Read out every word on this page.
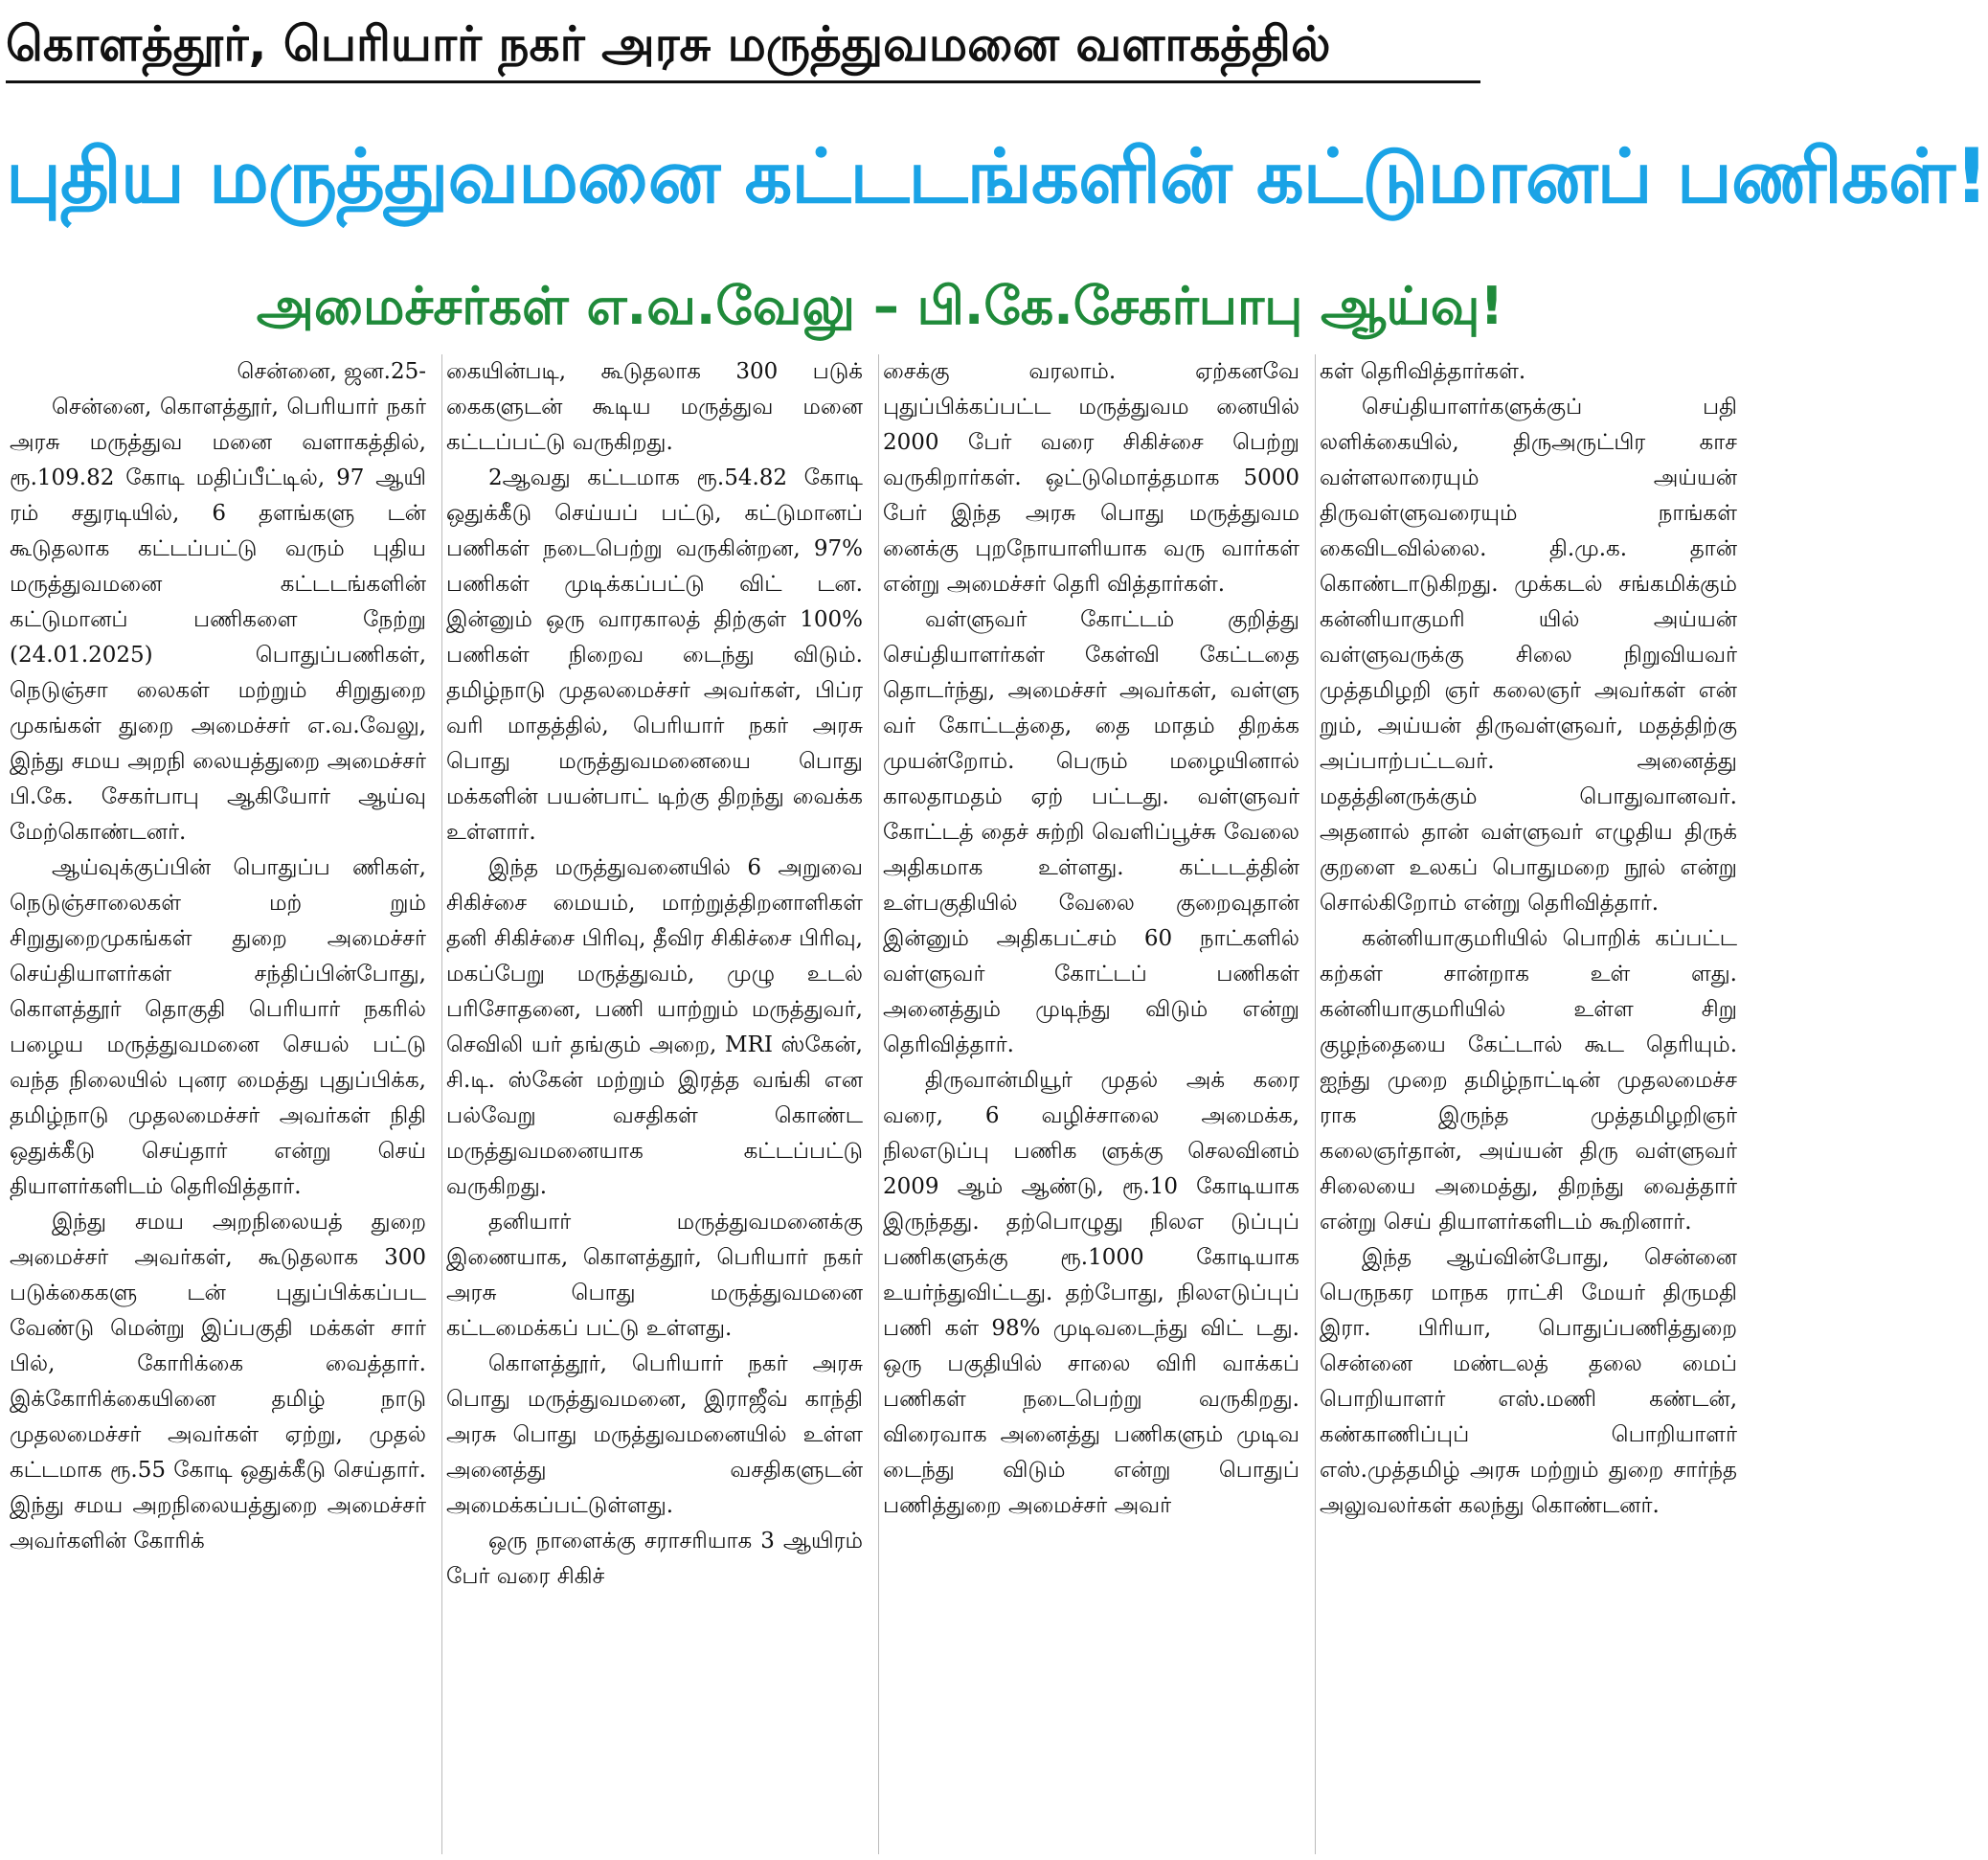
கொளத்தூர், பெரியார் நகர் அரசு மருத்துவமனை வளாகத்தில்
புதிய மருத்துவமனை கட்டடங்களின் கட்டுமானப் பணிகள்!
அமைச்சர்கள் எ.வ.வேலு – பி.கே.சேகர்பாபு ஆய்வு!

சென்னை, ஜன.25-

சென்னை, கொளத்தூர், பெரியார் நகர் அரசு மருத்துவ மனை வளாகத்தில், ரூ.109.82 கோடி மதிப்பீட்டில், 97 ஆயி ரம் சதுரடியில், 6 தளங்களு டன் கூடுதலாக கட்டப்பட்டு வரும் புதிய மருத்துவமனை கட்டடங்களின் கட்டுமானப் பணிகளை நேற்று (24.01.2025) பொதுப்பணிகள், நெடுஞ்சா லைகள் மற்றும் சிறுதுறை முகங்கள் துறை அமைச்சர் எ.வ.வேலு, இந்து சமய அறநி லையத்துறை அமைச்சர் பி.கே. சேகர்பாபு ஆகியோர் ஆய்வு மேற்கொண்டனர்.

ஆய்வுக்குப்பின் பொதுப்ப ணிகள், நெடுஞ்சாலைகள் மற் றும் சிறுதுறைமுகங்கள் துறை அமைச்சர் செய்தியாளர்கள் சந்திப்பின்போது, கொளத்தூர் தொகுதி பெரியார் நகரில் பழைய மருத்துவமனை செயல் பட்டு வந்த நிலையில் புனர மைத்து புதுப்பிக்க, தமிழ்நாடு முதலமைச்சர் அவர்கள் நிதி ஒதுக்கீடு செய்தார் என்று செய் தியாளர்களிடம் தெரிவித்தார்.

இந்து சமய அறநிலையத் துறை அமைச்சர் அவர்கள், கூடுதலாக 300 படுக்கைகளு டன் புதுப்பிக்கப்பட வேண்டு மென்று இப்பகுதி மக்கள் சார் பில், கோரிக்கை வைத்தார். இக்கோரிக்கையினை தமிழ் நாடு முதலமைச்சர் அவர்கள் ஏற்று, முதல் கட்டமாக ரூ.55 கோடி ஒதுக்கீடு செய்தார். இந்து சமய அறநிலையத்துறை அமைச்சர் அவர்களின் கோரிக்

கையின்படி, கூடுதலாக 300 படுக் கைகளுடன் கூடிய மருத்துவ மனை கட்டப்பட்டு வருகிறது.

2ஆவது கட்டமாக ரூ.54.82 கோடி ஒதுக்கீடு செய்யப் பட்டு, கட்டுமானப் பணிகள் நடைபெற்று வருகின்றன, 97% பணிகள் முடிக்கப்பட்டு விட் டன. இன்னும் ஒரு வாரகாலத் திற்குள் 100% பணிகள் நிறைவ டைந்து விடும். தமிழ்நாடு முதலமைச்சர் அவர்கள், பிப்ர வரி மாதத்தில், பெரியார் நகர் அரசு பொது மருத்துவமனையை பொது மக்களின் பயன்பாட் டிற்கு திறந்து வைக்க உள்ளார்.

இந்த மருத்துவனையில் 6 அறுவை சிகிச்சை மையம், மாற்றுத்திறனாளிகள் தனி சிகிச்சை பிரிவு, தீவிர சிகிச்சை பிரிவு, மகப்பேறு மருத்துவம், முழு உடல் பரிசோதனை, பணி யாற்றும் மருத்துவர், செவிலி யர் தங்கும் அறை, MRI ஸ்கேன், சி.டி. ஸ்கேன் மற்றும் இரத்த வங்கி என பல்வேறு வசதிகள் கொண்ட மருத்துவமனையாக கட்டப்பட்டு வருகிறது.

தனியார் மருத்துவமனைக்கு இணையாக, கொளத்தூர், பெரியார் நகர் அரசு பொது மருத்துவமனை கட்டமைக்கப் பட்டு உள்ளது.

கொளத்தூர், பெரியார் நகர் அரசு பொது மருத்துவமனை, இராஜீவ் காந்தி அரசு பொது மருத்துவமனையில் உள்ள அனைத்து வசதிகளுடன் அமைக்கப்பட்டுள்ளது.

ஒரு நாளைக்கு சராசரியாக 3 ஆயிரம் பேர் வரை சிகிச்

சைக்கு வரலாம். ஏற்கனவே புதுப்பிக்கப்பட்ட மருத்துவம னையில் 2000 பேர் வரை சிகிச்சை பெற்று வருகிறார்கள். ஒட்டுமொத்தமாக 5000 பேர் இந்த அரசு பொது மருத்துவம னைக்கு புறநோயாளியாக வரு வார்கள் என்று அமைச்சர் தெரி வித்தார்கள்.

வள்ளுவர் கோட்டம் குறித்து செய்தியாளர்கள் கேள்வி கேட்டதை தொடர்ந்து, அமைச்சர் அவர்கள், வள்ளு வர் கோட்டத்தை, தை மாதம் திறக்க முயன்றோம். பெரும் மழையினால் காலதாமதம் ஏற் பட்டது. வள்ளுவர் கோட்டத் தைச் சுற்றி வெளிப்பூச்சு வேலை அதிகமாக உள்ளது. கட்டடத்தின் உள்பகுதியில் வேலை குறைவுதான் இன்னும் அதிகபட்சம் 60 நாட்களில் வள்ளுவர் கோட்டப் பணிகள் அனைத்தும் முடிந்து விடும் என்று தெரிவித்தார்.

திருவான்மியூர் முதல் அக் கரை வரை, 6 வழிச்சாலை அமைக்க, நிலஎடுப்பு பணிக ளுக்கு செலவினம் 2009 ஆம் ஆண்டு, ரூ.10 கோடியாக இருந்தது. தற்பொழுது நிலஎ டுப்புப் பணிகளுக்கு ரூ.1000 கோடியாக உயர்ந்துவிட்டது. தற்போது, நிலஎடுப்புப் பணி கள் 98% முடிவடைந்து விட் டது. ஒரு பகுதியில் சாலை விரி வாக்கப் பணிகள் நடைபெற்று வருகிறது. விரைவாக அனைத்து பணிகளும் முடிவ டைந்து விடும் என்று பொதுப் பணித்துறை அமைச்சர் அவர்

கள் தெரிவித்தார்கள்.

செய்தியாளர்களுக்குப் பதி லளிக்கையில், திருஅருட்பிர காச வள்ளலாரையும் அய்யன் திருவள்ளுவரையும் நாங்கள் கைவிடவில்லை. தி.மு.க. தான் கொண்டாடுகிறது. முக்கடல் சங்கமிக்கும் கன்னியாகுமரி யில் அய்யன் வள்ளுவருக்கு சிலை நிறுவியவர் முத்தமிழறி ஞர் கலைஞர் அவர்கள் என் றும், அய்யன் திருவள்ளுவர், மதத்திற்கு அப்பாற்பட்டவர். அனைத்து மதத்தினருக்கும் பொதுவானவர். அதனால் தான் வள்ளுவர் எழுதிய திருக் குறளை உலகப் பொதுமறை நூல் என்று சொல்கிறோம் என்று தெரிவித்தார்.

கன்னியாகுமரியில் பொறிக் கப்பட்ட கற்கள் சான்றாக உள் ளது. கன்னியாகுமரியில் உள்ள சிறு குழந்தையை கேட்டால் கூட தெரியும். ஐந்து முறை தமிழ்நாட்டின் முதலமைச்ச ராக இருந்த முத்தமிழறிஞர் கலைஞர்தான், அய்யன் திரு வள்ளுவர் சிலையை அமைத்து, திறந்து வைத்தார் என்று செய் தியாளர்களிடம் கூறினார்.

இந்த ஆய்வின்போது, சென்னை பெருநகர மாநக ராட்சி மேயர் திருமதி இரா. பிரியா, பொதுப்பணித்துறை சென்னை மண்டலத் தலை மைப் பொறியாளர் எஸ்.மணி கண்டன், கண்காணிப்புப் பொறியாளர் எஸ்.முத்தமிழ் அரசு மற்றும் துறை சார்ந்த அலுவலர்கள் கலந்து கொண்டனர்.
